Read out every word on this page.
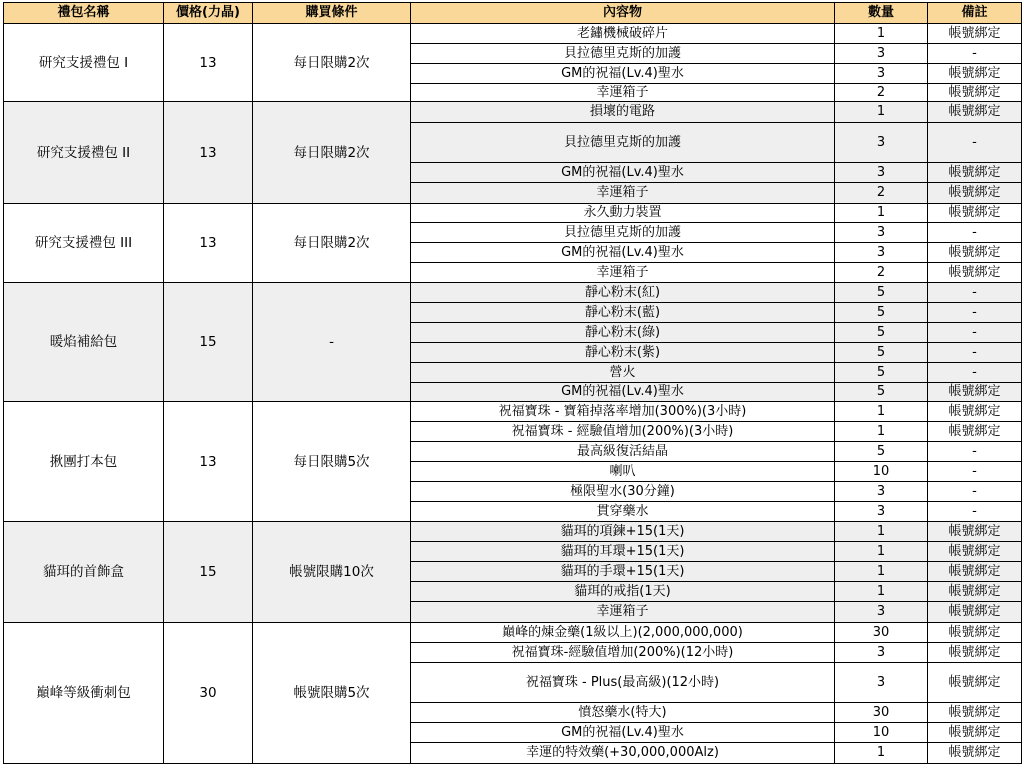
禮包名稱	價格(力晶)	購買條件	內容物	數量	備註
研究支援禮包 I	13	每日限購2次	老鏽機械破碎片	1	帳號綁定
			貝拉德里克斯的加護	3	-
			GM的祝福(Lv.4)聖水	3	帳號綁定
			幸運箱子	2	帳號綁定
研究支援禮包 II	13	每日限購2次	損壞的電路	1	帳號綁定
			貝拉德里克斯的加護	3	-
			GM的祝福(Lv.4)聖水	3	帳號綁定
			幸運箱子	2	帳號綁定
研究支援禮包 III	13	每日限購2次	永久動力裝置	1	帳號綁定
			貝拉德里克斯的加護	3	-
			GM的祝福(Lv.4)聖水	3	帳號綁定
			幸運箱子	2	帳號綁定
暖焰補給包	15	-	靜心粉末(紅)	5	-
			靜心粉末(藍)	5	-
			靜心粉末(綠)	5	-
			靜心粉末(紫)	5	-
			營火	5	-
			GM的祝福(Lv.4)聖水	5	帳號綁定
揪團打本包	13	每日限購5次	祝福寶珠 - 寶箱掉落率增加(300%)(3小時)	1	帳號綁定
			祝福寶珠 - 經驗值增加(200%)(3小時)	1	帳號綁定
			最高級復活結晶	5	-
			喇叭	10	-
			極限聖水(30分鐘)	3	-
			貫穿藥水	3	-
貓珥的首飾盒	15	帳號限購10次	貓珥的項鍊+15(1天)	1	帳號綁定
			貓珥的耳環+15(1天)	1	帳號綁定
			貓珥的手環+15(1天)	1	帳號綁定
			貓珥的戒指(1天)	1	帳號綁定
			幸運箱子	3	帳號綁定
巔峰等級衝刺包	30	帳號限購5次	巔峰的煉金藥(1級以上)(2,000,000,000)	30	帳號綁定
			祝福寶珠-經驗值增加(200%)(12小時)	3	帳號綁定
			祝福寶珠 - Plus(最高級)(12小時)	3	帳號綁定
			憤怒藥水(特大)	30	帳號綁定
			GM的祝福(Lv.4)聖水	10	帳號綁定
			幸運的特效藥(+30,000,000Alz)	1	帳號綁定
